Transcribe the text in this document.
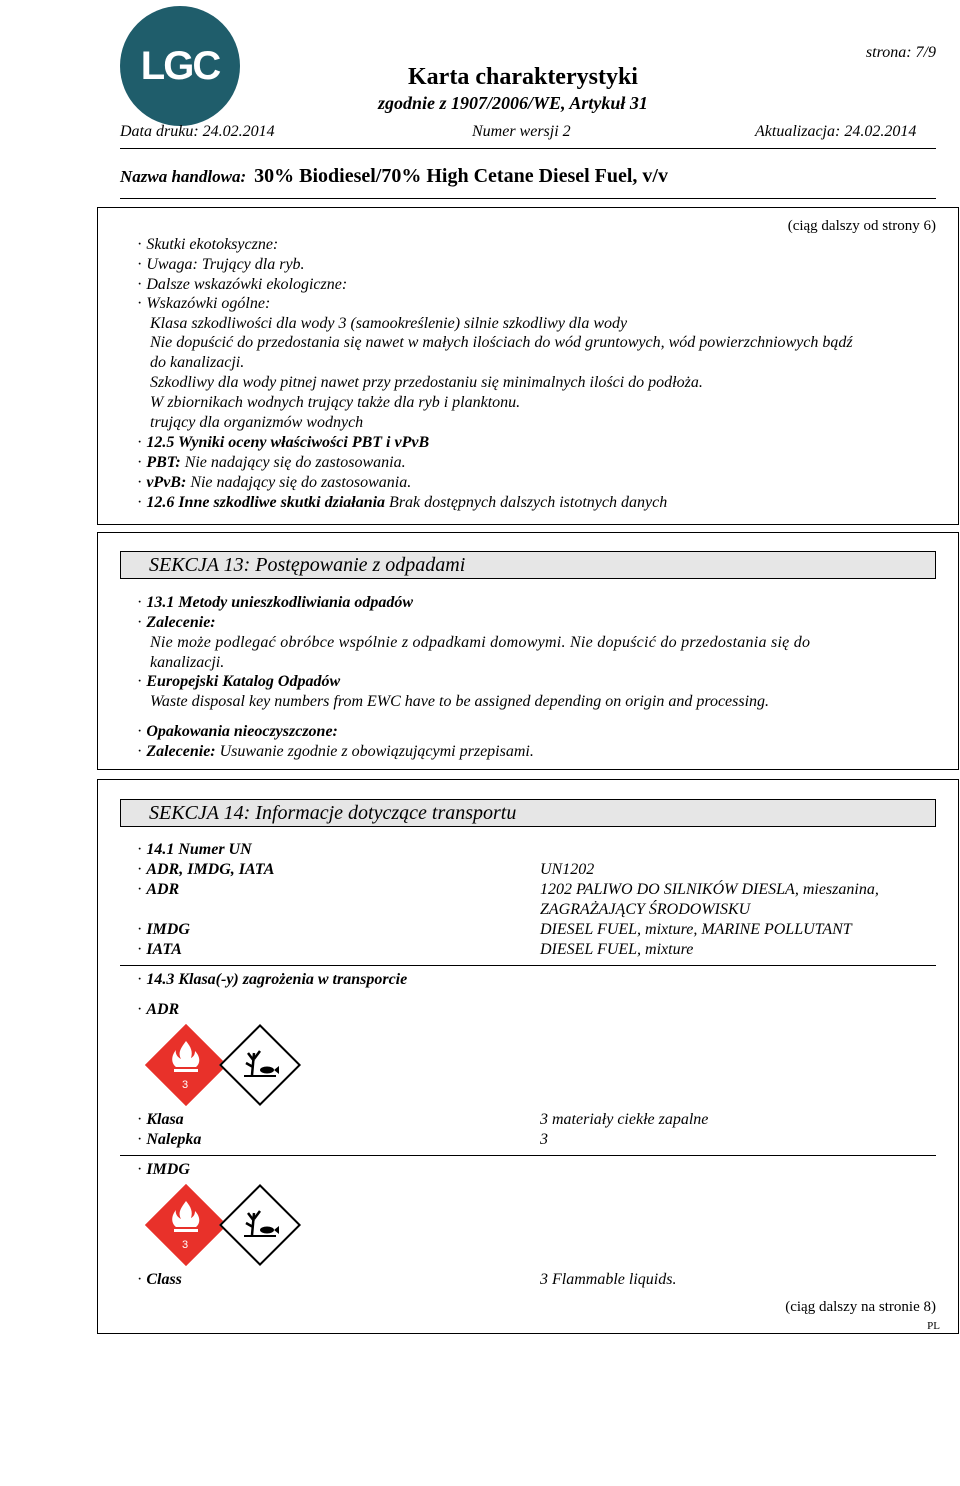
LGC	strona: 7/9
Karta charakterystyki
zgodnie z 1907/2006/WE, Artykuł 31
Data druku: 24.02.2014	Numer wersji 2	Aktualizacja: 24.02.2014
Nazwa handlowa: 30% Biodiesel/70% High Cetane Diesel Fuel, v/v
(ciąg dalszy od strony 6)
· Skutki ekotoksyczne:
· Uwaga: Trujący dla ryb.
· Dalsze wskazówki ekologiczne:
· Wskazówki ogólne:
Klasa szkodliwości dla wody 3 (samookreślenie) silnie szkodliwy dla wody
Nie dopuścić do przedostania się nawet w małych ilościach do wód gruntowych, wód powierzchniowych bądź
do kanalizacji.
Szkodliwy dla wody pitnej nawet przy przedostaniu się minimalnych ilości do podłoża.
W zbiornikach wodnych trujący także dla ryb i planktonu.
trujący dla organizmów wodnych
· 12.5 Wyniki oceny właściwości PBT i vPvB
· PBT: Nie nadający się do zastosowania.
· vPvB: Nie nadający się do zastosowania.
· 12.6 Inne szkodliwe skutki działania Brak dostępnych dalszych istotnych danych
SEKCJA 13: Postępowanie z odpadami
· 13.1 Metody unieszkodliwiania odpadów
· Zalecenie:
Nie może podlegać obróbce wspólnie z odpadkami domowymi. Nie dopuścić do przedostania się do
kanalizacji.
· Europejski Katalog Odpadów
Waste disposal key numbers from EWC have to be assigned depending on origin and processing.
· Opakowania nieoczyszczone:
· Zalecenie: Usuwanie zgodnie z obowiązującymi przepisami.
SEKCJA 14: Informacje dotyczące transportu
· 14.1 Numer UN
· ADR, IMDG, IATA	UN1202
· ADR	1202 PALIWO DO SILNIKÓW DIESLA, mieszanina,
ZAGRAŻAJĄCY ŚRODOWISKU
· IMDG	DIESEL FUEL, mixture, MARINE POLLUTANT
· IATA	DIESEL FUEL, mixture
· 14.3 Klasa(-y) zagrożenia w transporcie
· ADR
3
· Klasa	3 materiały ciekłe zapalne
· Nalepka	3
· IMDG
3
· Class	3 Flammable liquids.
(ciąg dalszy na stronie 8)
PL
